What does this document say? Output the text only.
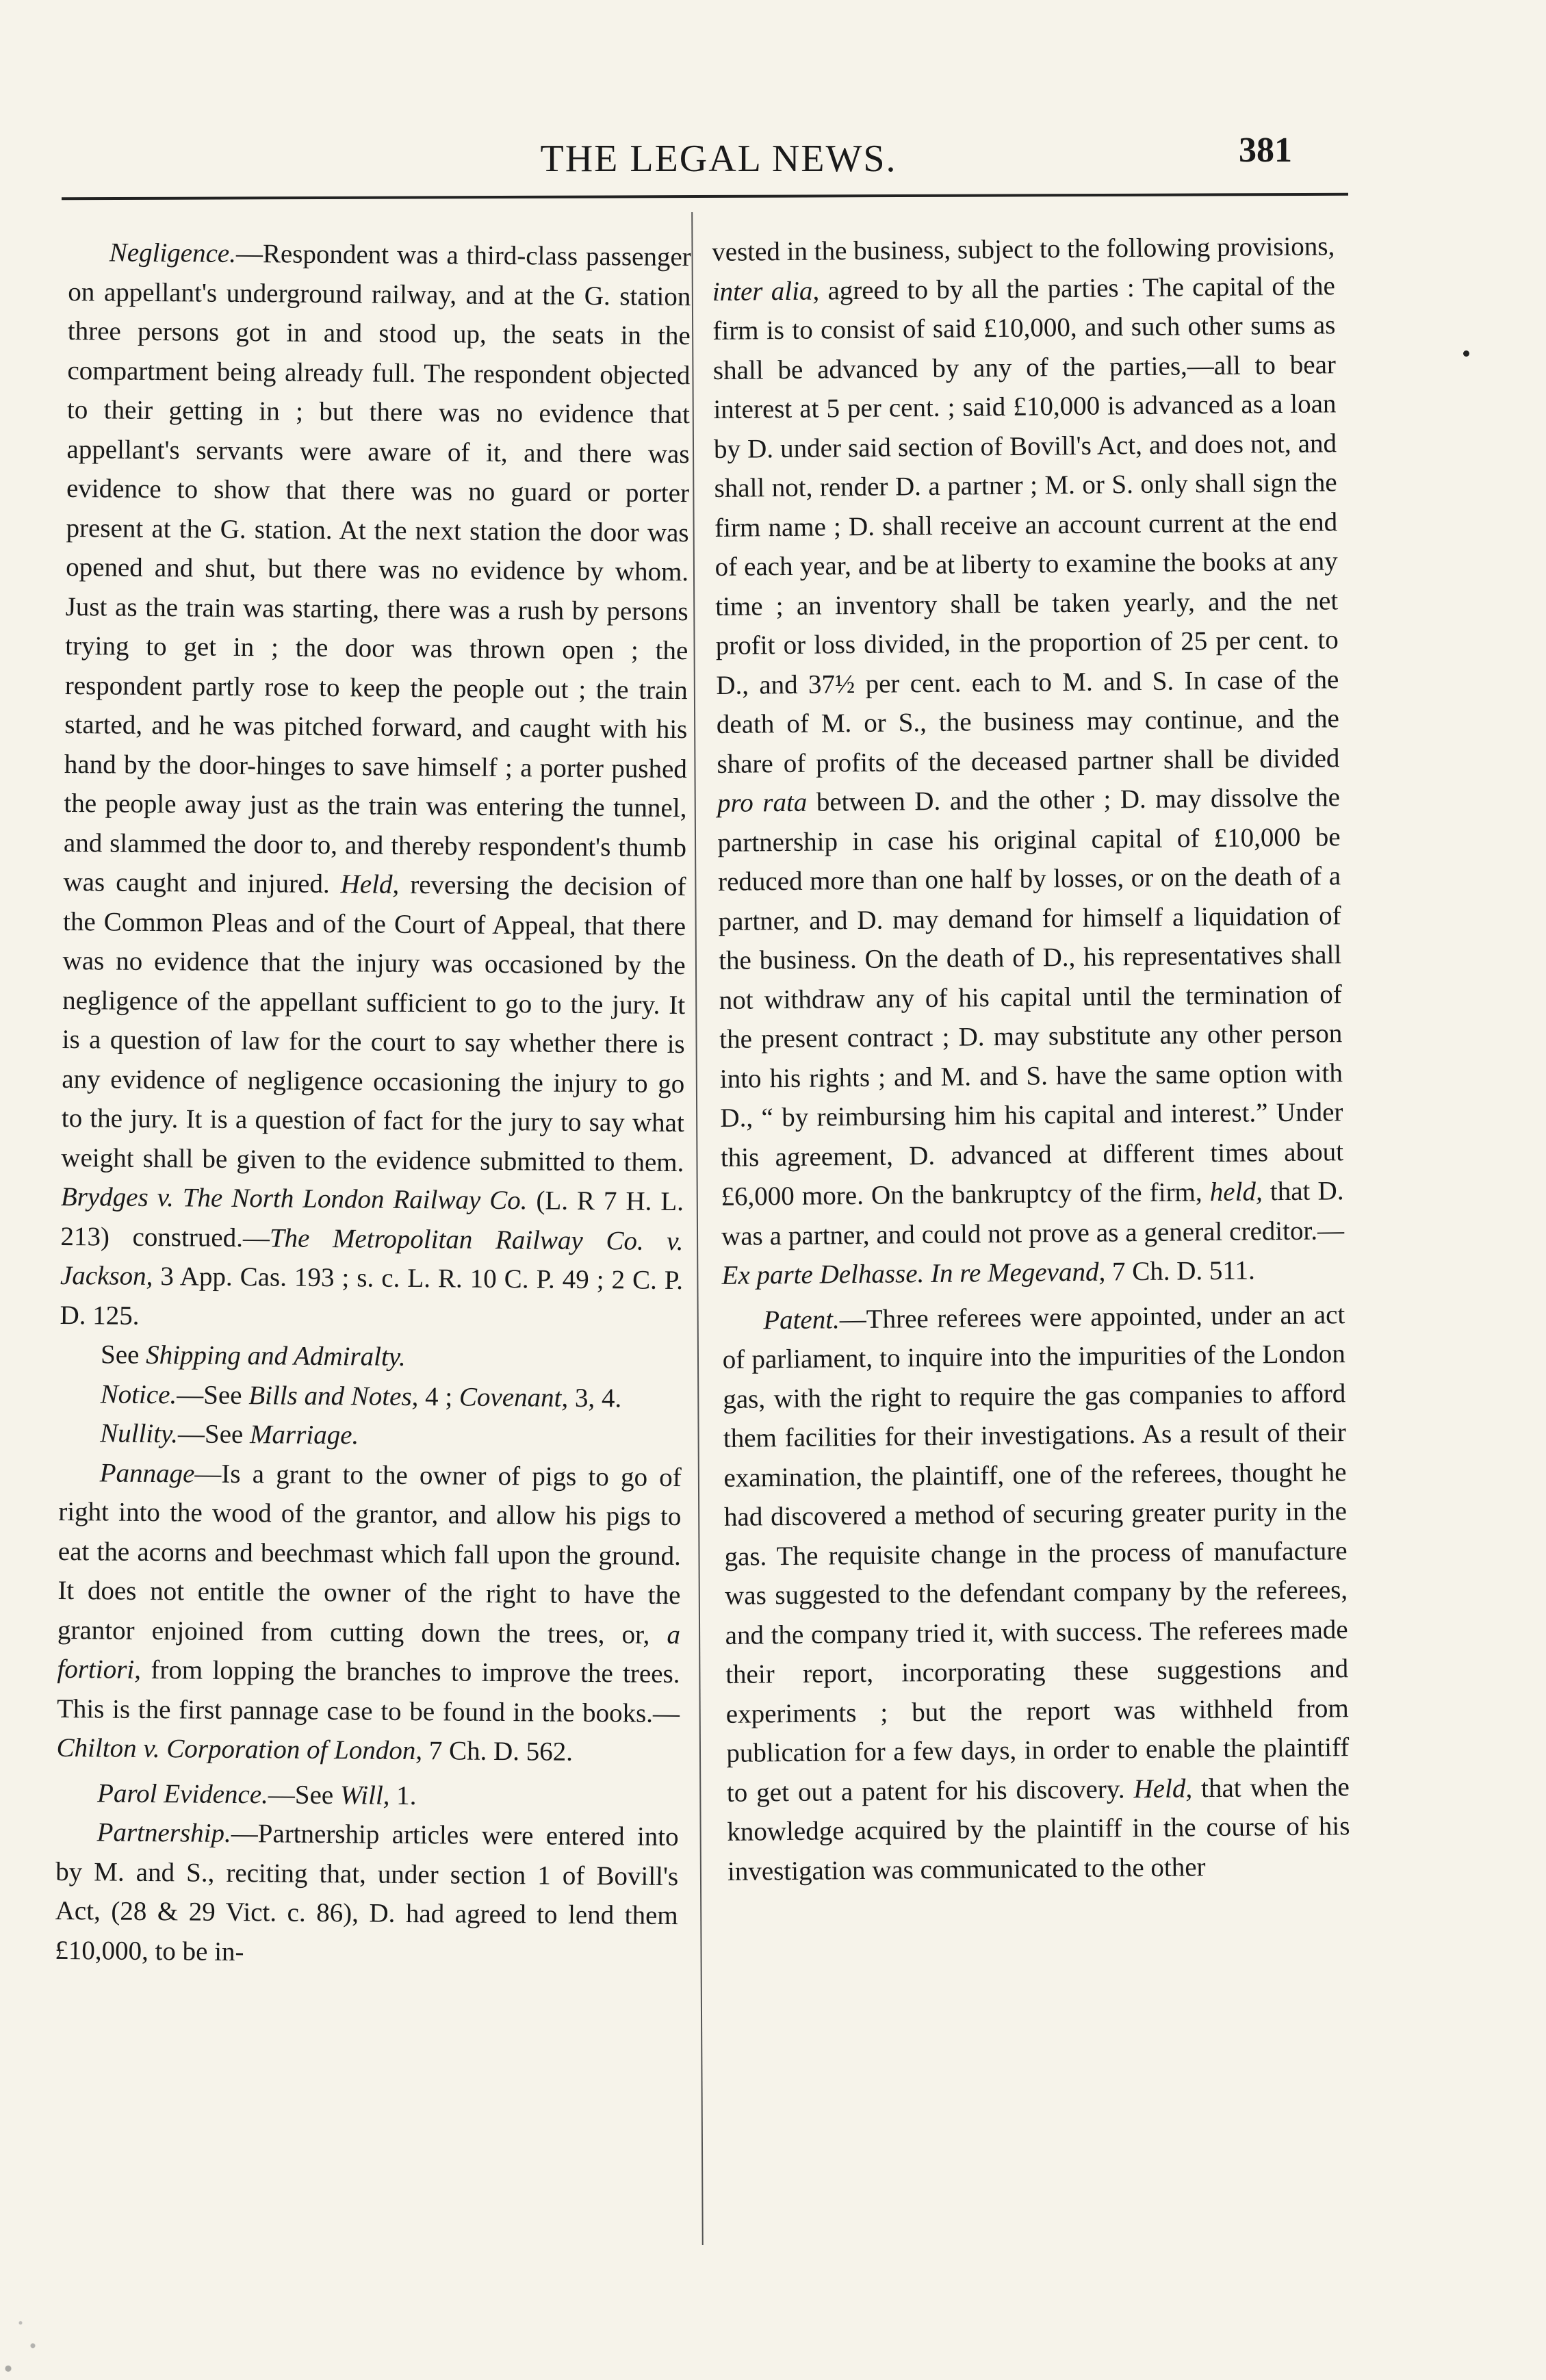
THE LEGAL NEWS.	381

Negligence.—Respondent was a third-class passenger on appellant's underground railway, and at the G. station three persons got in and stood up, the seats in the compartment being already full. The respondent objected to their getting in ; but there was no evidence that appellant's servants were aware of it, and there was evidence to show that there was no guard or porter present at the G. station. At the next station the door was opened and shut, but there was no evidence by whom. Just as the train was starting, there was a rush by persons trying to get in ; the door was thrown open ; the respondent partly rose to keep the people out ; the train started, and he was pitched forward, and caught with his hand by the door-hinges to save himself ; a porter pushed the people away just as the train was entering the tunnel, and slammed the door to, and thereby respondent's thumb was caught and injured. Held, reversing the decision of the Common Pleas and of the Court of Appeal, that there was no evidence that the injury was occasioned by the negligence of the appellant sufficient to go to the jury. It is a question of law for the court to say whether there is any evidence of negligence occasioning the injury to go to the jury. It is a question of fact for the jury to say what weight shall be given to the evidence submitted to them. Brydges v. The North London Railway Co. (L. R 7 H. L. 213) construed.—The Metropolitan Railway Co. v. Jackson, 3 App. Cas. 193 ; s. c. L. R. 10 C. P. 49 ; 2 C. P. D. 125.

See Shipping and Admiralty.

Notice.—See Bills and Notes, 4 ; Covenant, 3, 4.

Nullity.—See Marriage.

Pannage—Is a grant to the owner of pigs to go of right into the wood of the grantor, and allow his pigs to eat the acorns and beechmast which fall upon the ground. It does not entitle the owner of the right to have the grantor enjoined from cutting down the trees, or, a fortiori, from lopping the branches to improve the trees. This is the first pannage case to be found in the books.—Chilton v. Corporation of London, 7 Ch. D. 562.

Parol Evidence.—See Will, 1.

Partnership.—Partnership articles were entered into by M. and S., reciting that, under section 1 of Bovill's Act, (28 & 29 Vict. c. 86), D. had agreed to lend them £10,000, to be in-

vested in the business, subject to the following provisions, inter alia, agreed to by all the parties : The capital of the firm is to consist of said £10,000, and such other sums as shall be advanced by any of the parties,—all to bear interest at 5 per cent. ; said £10,000 is advanced as a loan by D. under said section of Bovill's Act, and does not, and shall not, render D. a partner ; M. or S. only shall sign the firm name ; D. shall receive an account current at the end of each year, and be at liberty to examine the books at any time ; an inventory shall be taken yearly, and the net profit or loss divided, in the proportion of 25 per cent. to D., and 37½ per cent. each to M. and S. In case of the death of M. or S., the business may continue, and the share of profits of the deceased partner shall be divided pro rata between D. and the other ; D. may dissolve the partnership in case his original capital of £10,000 be reduced more than one half by losses, or on the death of a partner, and D. may demand for himself a liquidation of the business. On the death of D., his representatives shall not withdraw any of his capital until the termination of the present contract ; D. may substitute any other person into his rights ; and M. and S. have the same option with D., “ by reimbursing him his capital and interest.” Under this agreement, D. advanced at different times about £6,000 more. On the bankruptcy of the firm, held, that D. was a partner, and could not prove as a general creditor.—Ex parte Delhasse. In re Megevand, 7 Ch. D. 511.

Patent.—Three referees were appointed, under an act of parliament, to inquire into the impurities of the London gas, with the right to require the gas companies to afford them facilities for their investigations. As a result of their examination, the plaintiff, one of the referees, thought he had discovered a method of securing greater purity in the gas. The requisite change in the process of manufacture was suggested to the defendant company by the referees, and the company tried it, with success. The referees made their report, incorporating these suggestions and experiments ; but the report was withheld from publication for a few days, in order to enable the plaintiff to get out a patent for his discovery. Held, that when the knowledge acquired by the plaintiff in the course of his investigation was communicated to the other
